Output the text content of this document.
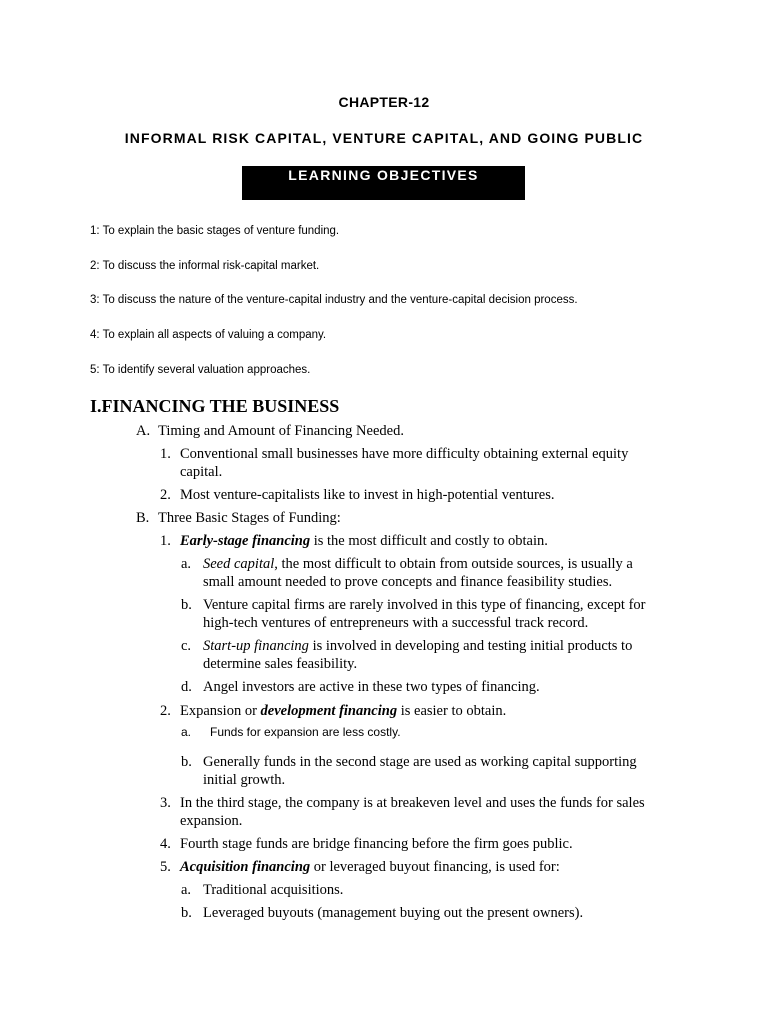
CHAPTER-12
INFORMAL RISK CAPITAL, VENTURE CAPITAL, AND GOING PUBLIC
LEARNING OBJECTIVES
1: To explain the basic stages of venture funding.
2: To discuss the informal risk-capital market.
3: To discuss the nature of the venture-capital industry and the venture-capital decision process.
4: To explain all aspects of valuing a company.
5: To identify several valuation approaches.
I.FINANCING THE BUSINESS
A. Timing and Amount of Financing Needed.
1. Conventional small businesses have more difficulty obtaining external equity
capital.
2. Most venture-capitalists like to invest in high-potential ventures.
B. Three Basic Stages of Funding:
1. Early-stage financing is the most difficult and costly to obtain.
a. Seed capital, the most difficult to obtain from outside sources, is usually a
small amount needed to prove concepts and finance feasibility studies.
b. Venture capital firms are rarely involved in this type of financing, except for
high-tech ventures of entrepreneurs with a successful track record.
c. Start-up financing is involved in developing and testing initial products to
determine sales feasibility.
d. Angel investors are active in these two types of financing.
2. Expansion or development financing is easier to obtain.
a. Funds for expansion are less costly.
b. Generally funds in the second stage are used as working capital supporting
initial growth.
3. In the third stage, the company is at breakeven level and uses the funds for sales
expansion.
4. Fourth stage funds are bridge financing before the firm goes public.
5. Acquisition financing or leveraged buyout financing, is used for:
a. Traditional acquisitions.
b. Leveraged buyouts (management buying out the present owners).
